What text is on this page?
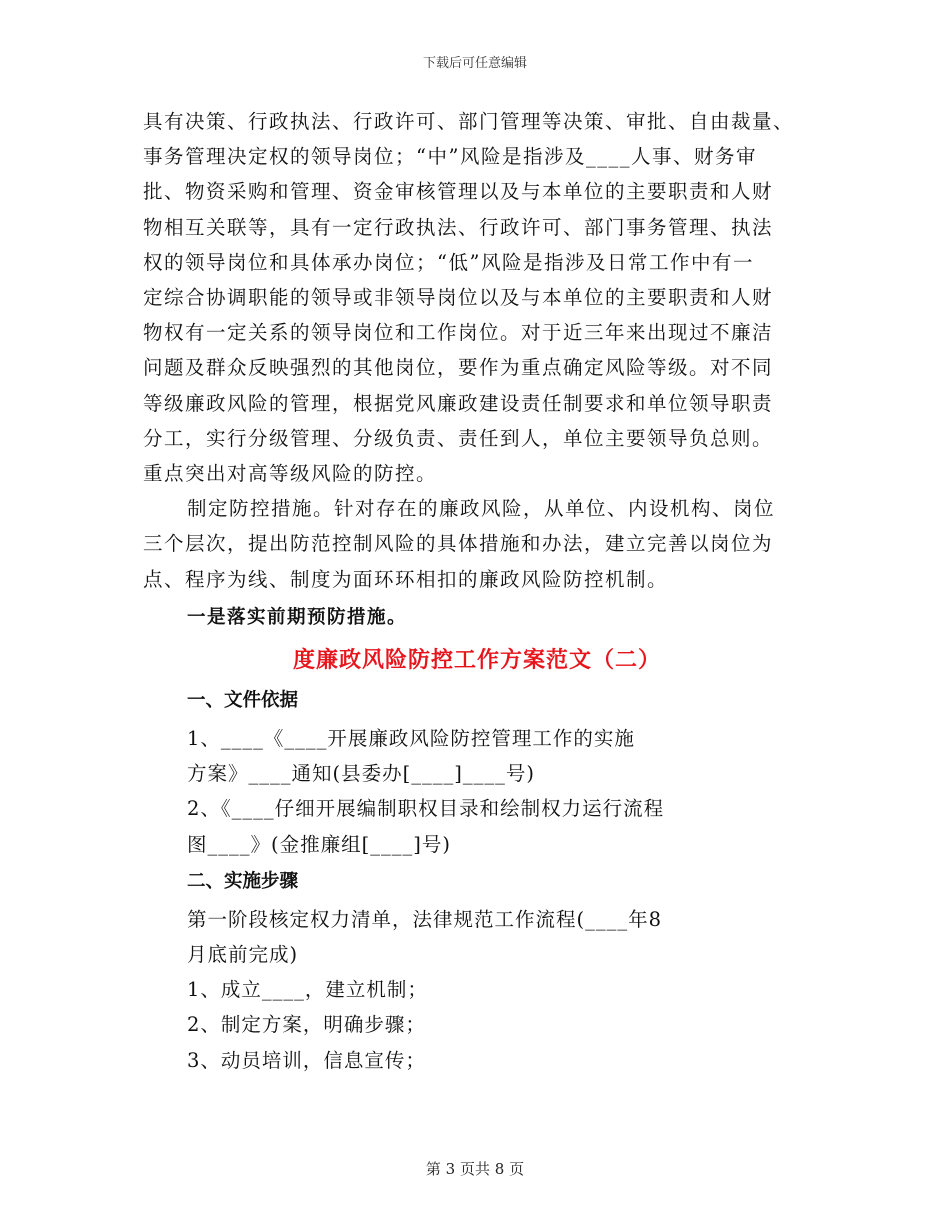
下载后可任意编辑

具有决策、行政执法、行政许可、部门管理等决策、审批、自由裁量、
事务管理决定权的领导岗位；“中”风险是指涉及____人事、财务审
批、物资采购和管理、资金审核管理以及与本单位的主要职责和人财
物相互关联等，具有一定行政执法、行政许可、部门事务管理、执法
权的领导岗位和具体承办岗位；“低”风险是指涉及日常工作中有一
定综合协调职能的领导或非领导岗位以及与本单位的主要职责和人财
物权有一定关系的领导岗位和工作岗位。对于近三年来出现过不廉洁
问题及群众反映强烈的其他岗位，要作为重点确定风险等级。对不同
等级廉政风险的管理，根据党风廉政建设责任制要求和单位领导职责
分工，实行分级管理、分级负责、责任到人，单位主要领导负总则。
重点突出对高等级风险的防控。

制定防控措施。针对存在的廉政风险，从单位、内设机构、岗位
三个层次，提出防范控制风险的具体措施和办法，建立完善以岗位为
点、程序为线、制度为面环环相扣的廉政风险防控机制。

一是落实前期预防措施。

度廉政风险防控工作方案范文（二）

一、文件依据

1、____《____开展廉政风险防控管理工作的实施
方案》____通知(县委办[____]____号)

2、《____仔细开展编制职权目录和绘制权力运行流程
图____》(金推廉组[____]号)

二、实施步骤

第一阶段核定权力清单，法律规范工作流程(____年8
月底前完成)

1、成立____，建立机制；

2、制定方案，明确步骤；

3、动员培训，信息宣传；

第 3 页共 8 页
